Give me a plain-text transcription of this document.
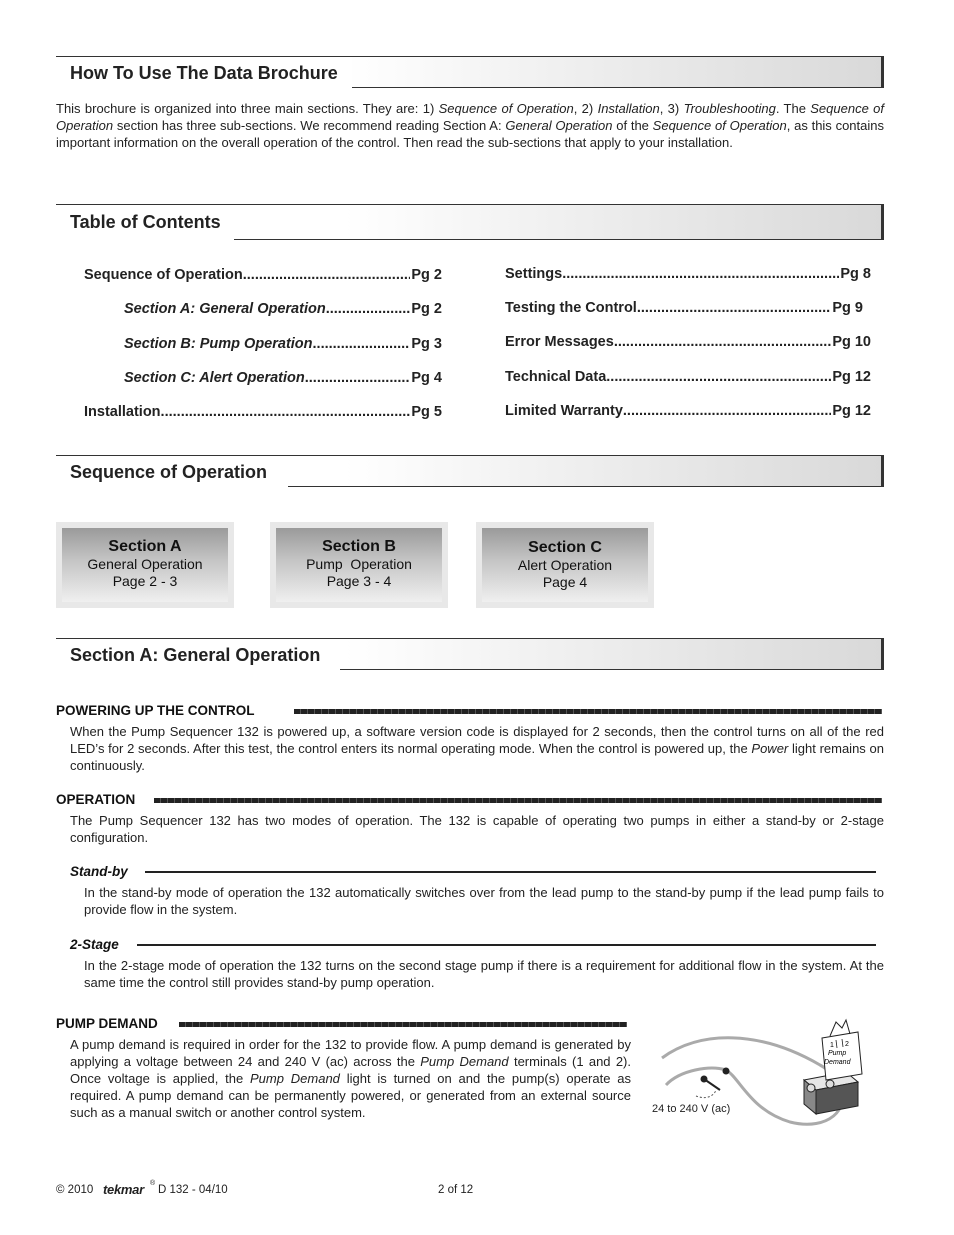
How To Use The Data Brochure
This brochure is organized into three main sections. They are: 1) Sequence of Operation, 2) Installation, 3) Troubleshooting. The Sequence of Operation section has three sub-sections. We recommend reading Section A: General Operation of the Sequence of Operation, as this contains important information on the overall operation of the control. Then read the sub-sections that apply to your installation.
Table of Contents
Sequence of Operation .....	Pg 2
Section A: General Operation .....	Pg 2
Section B: Pump Operation .....	Pg 3
Section C: Alert Operation .....	Pg 4
Installation .....	Pg 5
Settings .....	Pg 8
Testing the Control .....	Pg 9
Error Messages .....	Pg 10
Technical Data .....	Pg 12
Limited Warranty .....	Pg 12
Sequence of Operation
Section A
General Operation
Page 2 - 3
Section B
Pump  Operation
Page 3 - 4
Section C
Alert Operation
Page 4
Section A: General Operation
POWERING UP THE CONTROL
When the Pump Sequencer 132 is powered up, a software version code is displayed for 2 seconds, then the control turns on all of the red LED’s for 2 seconds. After this test, the control enters its normal operating mode. When the control is powered up, the Power light remains on continuously.
OPERATION
The Pump Sequencer 132 has two modes of operation. The 132 is capable of operating two pumps in either a stand-by or 2-stage configuration.
Stand-by
In the stand-by mode of operation the 132 automatically switches over from the lead pump to the stand-by pump if the lead pump fails to provide flow in the system.
2-Stage
In the 2-stage mode of operation the 132 turns on the second stage pump if there is a requirement for additional flow in the system. At the same time the control still provides stand-by pump operation.
PUMP DEMAND
A pump demand is required in order for the 132 to provide flow. A pump demand is generated by applying a voltage between 24 and 240 V (ac) across the Pump Demand terminals (1 and 2). Once voltage is applied, the Pump Demand light is turned on and the pump(s) operate as required. A pump demand can be permanently powered, or generated from an external source such as a manual switch or another control system.
1 2
Pump
Demand
24 to 240 V (ac)
© 2010 tekmar ®
D 132 - 04/10	2 of 12
